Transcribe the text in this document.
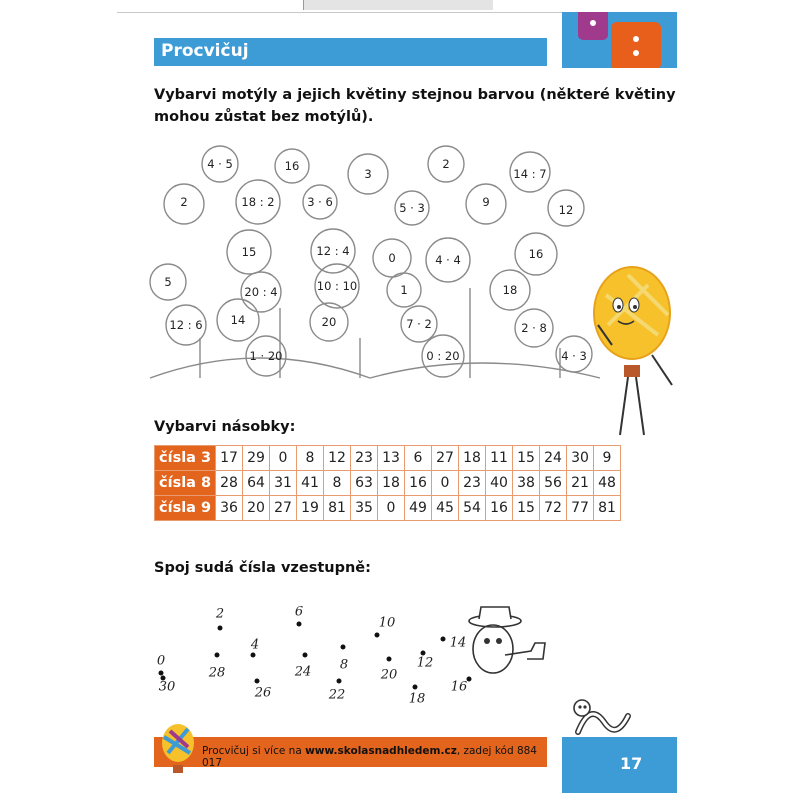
Procvičuj
Vybarvi motýly a jejich květiny stejnou barvou (některé květiny
mohou zůstat bez motýlů).
4 · 5	16
3
2
14 : 7
2	18 : 2	3 · 6	5 · 3	9
12
15	12 : 4	0	4 · 4	16
5
20 : 4	10 : 10	1	18
12 : 6 14	20	7 · 2	2 · 8
1 · 20	0 : 20	4 · 3
Vybarvi násobky:
čísla 3	17	29	0	8	12	23	13	6	27	18	11	15	24	30	9
čísla 8	28	64	31	41	8	63	18	16	0	23	40	38	56	21	48
čísla 9	36	20	27	19	81	35	0	49	45	54	16	15	72	77	81
Spoj sudá čísla vzestupně:
2	6
10
14
4
0
28	24 8
20
12
30	26	22	18
16
Procvičuj si více na www.skolasnadhledem.cz, zadej kód 884 017	17
